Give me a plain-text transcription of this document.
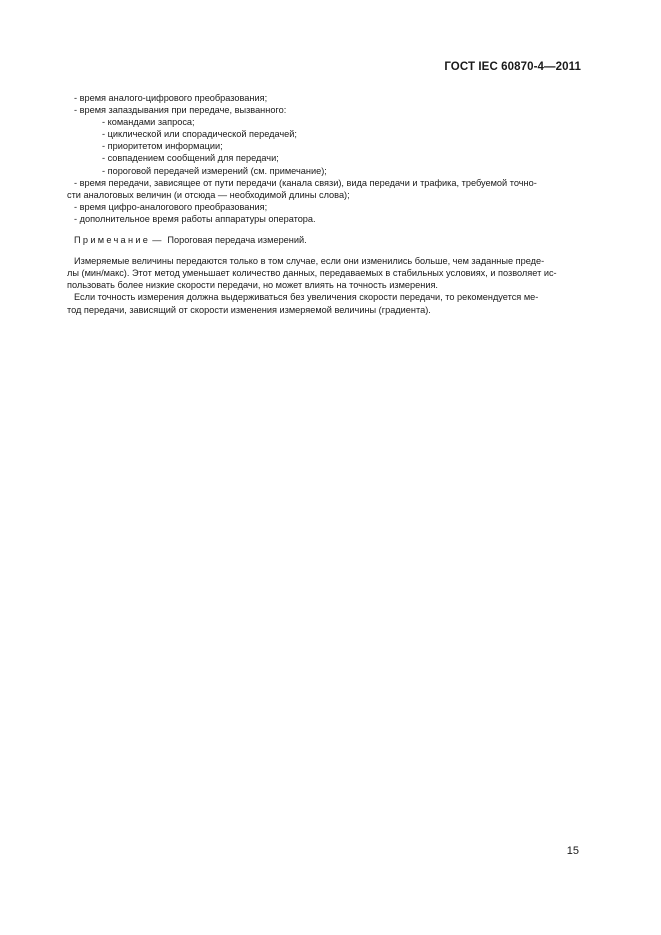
ГОСТ IEC 60870-4—2011
- время аналого-цифрового преобразования;
- время запаздывания при передаче, вызванного:
- командами запроса;
- циклической или спорадической передачей;
- приоритетом информации;
- совпадением сообщений для передачи;
- пороговой передачей измерений (см. примечание);
- время передачи, зависящее от пути передачи (канала связи), вида передачи и трафика, требуемой точно-
сти аналоговых величин (и отсюда — необходимой длины слова);
- время цифро-аналогового преобразования;
- дополнительное время работы аппаратуры оператора.
Примечание — Пороговая передача измерений.
Измеряемые величины передаются только в том случае, если они изменились больше, чем заданные преде-
лы (мин/макс). Этот метод уменьшает количество данных, передаваемых в стабильных условиях, и позволяет ис-
пользовать более низкие скорости передачи, но может влиять на точность измерения.
Если точность измерения должна выдерживаться без увеличения скорости передачи, то рекомендуется ме-
тод передачи, зависящий от скорости изменения измеряемой величины (градиента).
15
